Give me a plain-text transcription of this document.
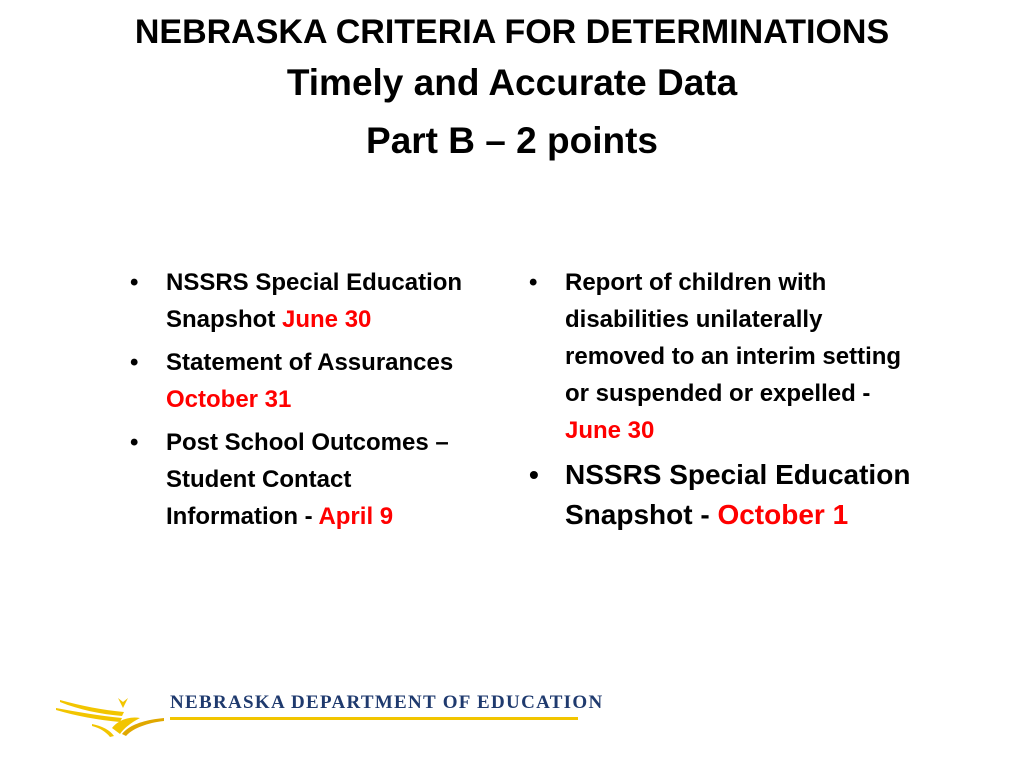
NEBRASKA CRITERIA FOR DETERMINATIONS
Timely and Accurate Data
Part B – 2 points
• NSSRS Special Education Snapshot June 30
• Statement of Assurances October 31
• Post School Outcomes – Student Contact Information - April 9
• Report of children with disabilities unilaterally removed to an interim setting or suspended or expelled - June 30
• NSSRS Special Education Snapshot - October 1
NEBRASKA DEPARTMENT OF EDUCATION
